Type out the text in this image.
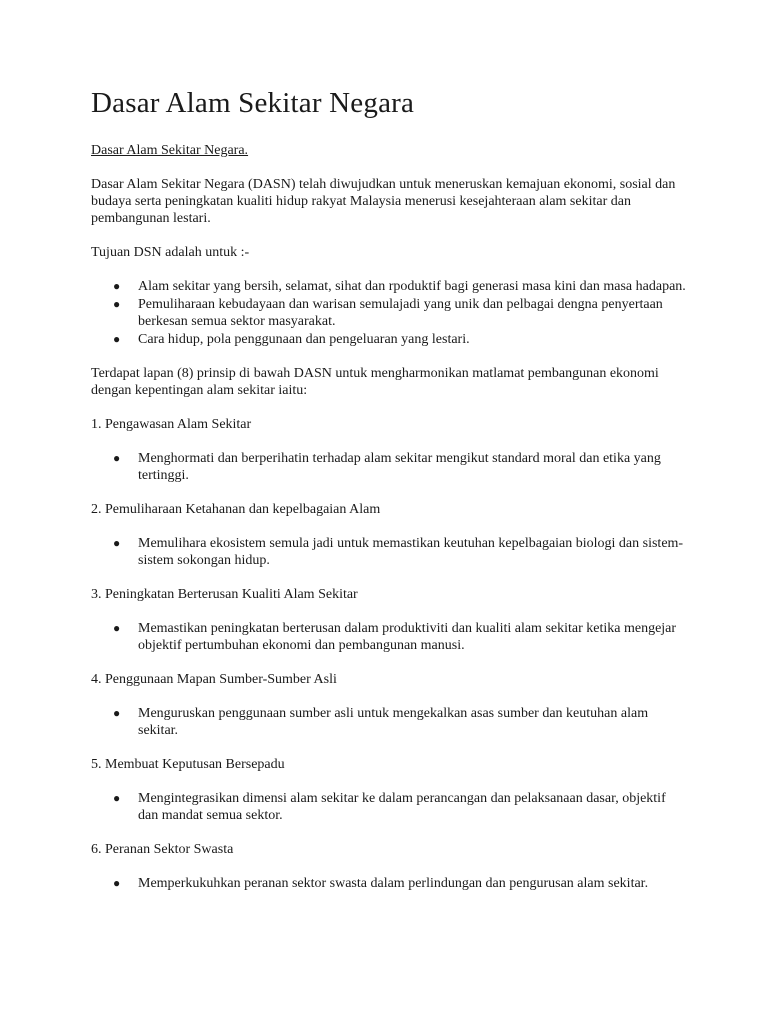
Dasar Alam Sekitar Negara
Dasar Alam Sekitar Negara.

Dasar Alam Sekitar Negara (DASN) telah diwujudkan untuk meneruskan kemajuan ekonomi, sosial dan budaya serta peningkatan kualiti hidup rakyat Malaysia menerusi kesejahteraan alam sekitar dan pembangunan lestari.

Tujuan DSN adalah untuk :-

● Alam sekitar yang bersih, selamat, sihat dan rpoduktif bagi generasi masa kini dan masa hadapan.
● Pemuliharaan kebudayaan dan warisan semulajadi yang unik dan pelbagai dengna penyertaan berkesan semua sektor masyarakat.
● Cara hidup, pola penggunaan dan pengeluaran yang lestari.

Terdapat lapan (8) prinsip di bawah DASN untuk mengharmonikan matlamat pembangunan ekonomi dengan kepentingan alam sekitar iaitu:

1. Pengawasan Alam Sekitar

● Menghormati dan berperihatin terhadap alam sekitar mengikut standard moral dan etika yang tertinggi.

2. Pemuliharaan Ketahanan dan kepelbagaian Alam

● Memulihara ekosistem semula jadi untuk memastikan keutuhan kepelbagaian biologi dan sistem-sistem sokongan hidup.

3. Peningkatan Berterusan Kualiti Alam Sekitar

● Memastikan peningkatan berterusan dalam produktiviti dan kualiti alam sekitar ketika mengejar objektif pertumbuhan ekonomi dan pembangunan manusi.

4. Penggunaan Mapan Sumber-Sumber Asli

● Menguruskan penggunaan sumber asli untuk mengekalkan asas sumber dan keutuhan alam sekitar.

5. Membuat Keputusan Bersepadu

● Mengintegrasikan dimensi alam sekitar ke dalam perancangan dan pelaksanaan dasar, objektif dan mandat semua sektor.

6. Peranan Sektor Swasta

● Memperkukuhkan peranan sektor swasta dalam perlindungan dan pengurusan alam sekitar.
